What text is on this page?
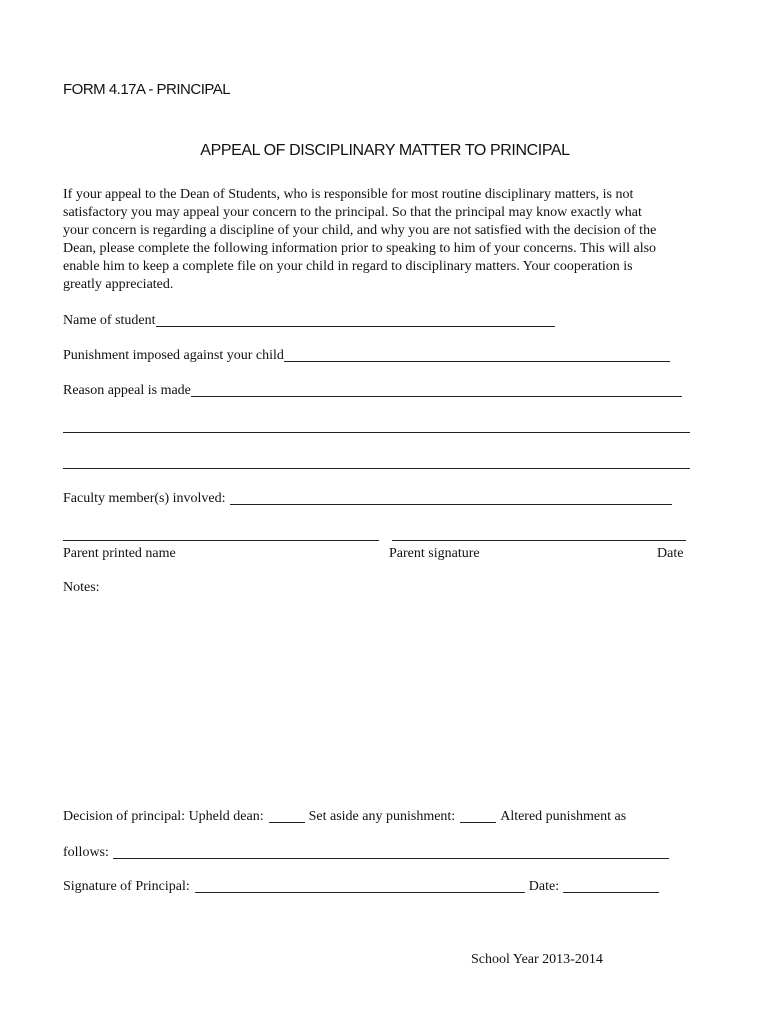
FORM 4.17A - PRINCIPAL
APPEAL OF DISCIPLINARY MATTER TO PRINCIPAL
If your appeal to the Dean of Students, who is responsible for most routine disciplinary matters, is not
satisfactory you may appeal your concern to the principal. So that the principal may know exactly what
your concern is regarding a discipline of your child, and why you are not satisfied with the decision of the
Dean, please complete the following information prior to speaking to him of your concerns. This will also
enable him to keep a complete file on your child in regard to disciplinary matters. Your cooperation is
greatly appreciated.
Name of student
Punishment imposed against your child
Reason appeal is made
Faculty member(s) involved:
Parent printed name	Parent signature	Date
Notes:
Decision of principal: Upheld dean:	Set aside any punishment:	Altered punishment as
follows:
Signature of Principal:	Date:
School Year 2013-2014
